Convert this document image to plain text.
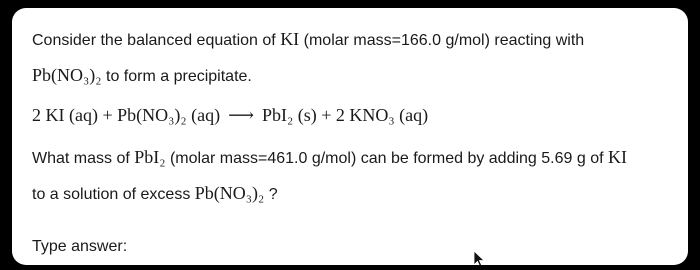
Consider the balanced equation of KI (molar mass=166.0 g/mol) reacting with
Pb(NO₃)₂ to form a precipitate.
2 KI (aq) + Pb(NO₃)₂ (aq) ⟶ PbI₂ (s) + 2 KNO₃ (aq)
What mass of PbI₂ (molar mass=461.0 g/mol) can be formed by adding 5.69 g of KI
to a solution of excess Pb(NO₃)₂ ?
Type answer:
